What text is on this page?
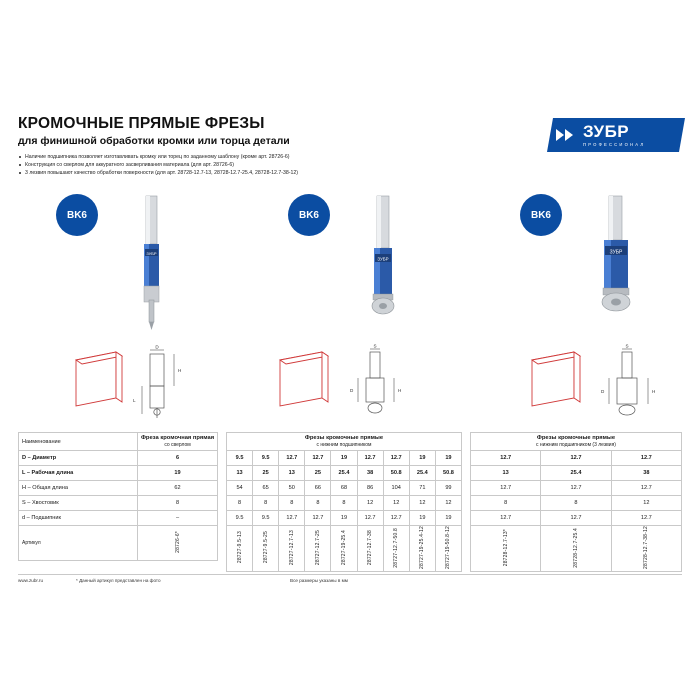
КРОМОЧНЫЕ ПРЯМЫЕ ФРЕЗЫ
для финишной обработки кромки или торца детали
Наличие подшипника позволяет изготавливать кромку или торец по заданному шаблону (кроме арт. 28726-6)
Конструкция со сверлом для аккуратного засверливания материала (для арт. 28726-6)
3 лезвия повышают качество обработки поверхности (для арт. 28728-12.7-13, 28728-12.7-25.4, 28728-12.7-38-12)
ЗУБР
ПРОФЕССИОНАЛ
BK6
ЗУБР
BK6
ЗУБР
BK6
ЗУБР
D
H
L
S
H
D
S
H
D
Наименование	Фреза кромочная прямая
со сверлом

D – Диаметр	6
L – Рабочая длина	19
H – Общая длина	62
S – Хвостовик	8
d – Подшипник	–
Артикул	28726-6*
Фрезы кромочные прямые
с нижним подшипником								

9.5	9.5	12.7	12.7	19	12.7	12.7	19	19
13	25	13	25	25.4	38	50.8	25.4	50.8
54	65	50	66	68	86	104	71	99
8	8	8	8	8	12	12	12	12
9.5	9.5	12.7	12.7	19	12.7	12.7	19	19
28727-9.5-13	28727-9.5-25	28727-12.7-13	28727-12.7-25	28727-19-25.4	28727-12.7-38	28727-12.7-50.8	28727-19-25.4-12	28727-19-50.8-12
Фрезы кромочные прямые
с нижним подшипником (3 лезвия)		

12.7	12.7	12.7
13	25.4	38
12.7	12.7	12.7
8	8	12
12.7	12.7	12.7
28728-12.7-13*	28728-12.7-25.4	28728-12.7-38-12
www.zubr.ru	* Данный артикул представлен на фото	Все размеры указаны в мм
